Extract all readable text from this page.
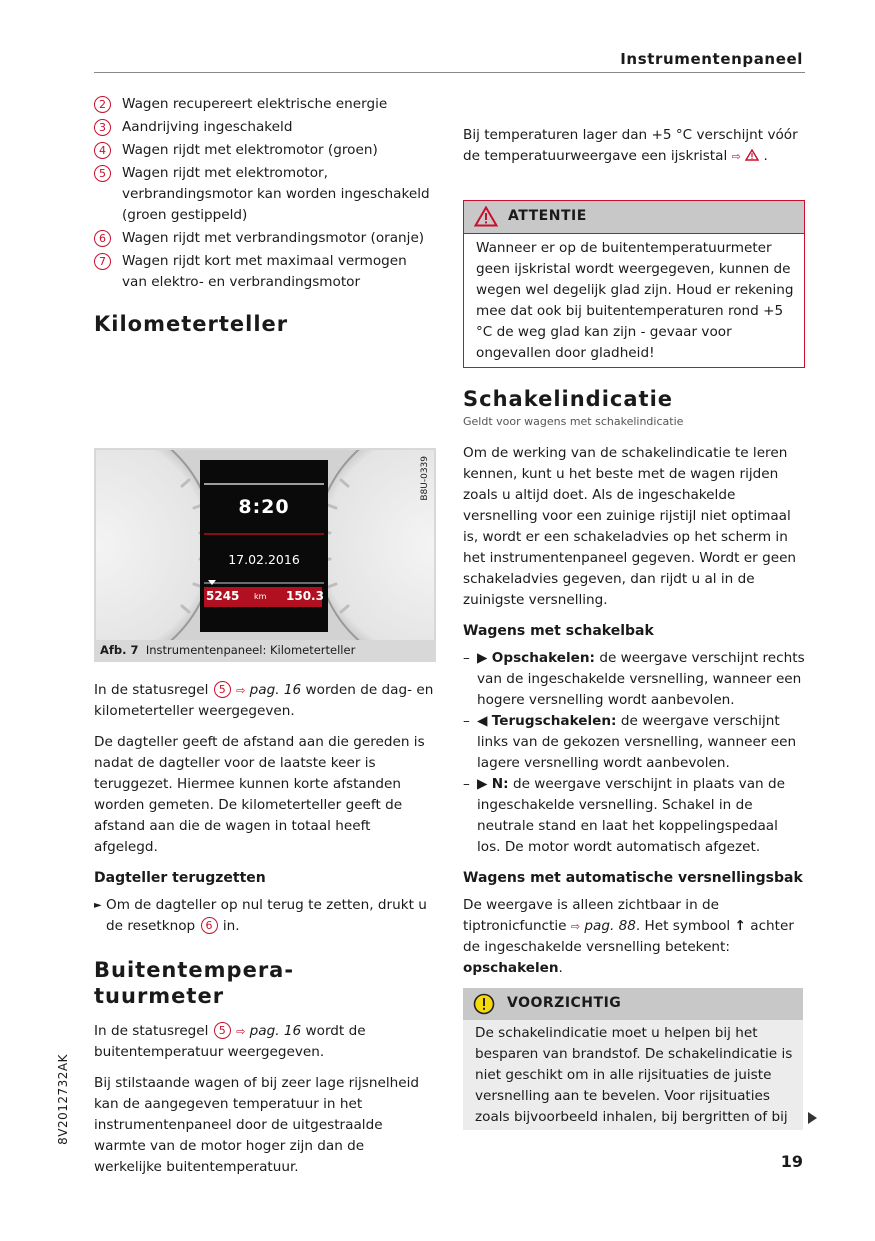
Instrumentenpaneel
2	Wagen recupereert elektrische energie
3	Aandrijving ingeschakeld
4	Wagen rijdt met elektromotor (groen)
5	Wagen rijdt met elektromotor, verbrandingsmotor kan worden ingeschakeld (groen gestippeld)
6	Wagen rijdt met verbrandingsmotor (oranje)
7	Wagen rijdt kort met maximaal vermogen van elektro- en verbrandingsmotor
Kilometerteller
8:20
17.02.2016
5245 km 150.3
B8U-0339
Afb. 7 Instrumentenpaneel: Kilometerteller

In de statusregel 5 ⇨ pag. 16 worden de dag- en kilometerteller weergegeven.

De dagteller geeft de afstand aan die gereden is nadat de dagteller voor de laatste keer is teruggezet. Hiermee kunnen korte afstanden worden gemeten. De kilometerteller geeft de afstand aan die de wagen in totaal heeft afgelegd.

Dagteller terugzetten

► Om de dagteller op nul terug te zetten, drukt u de resetknop 6 in.

Buitentempera-
tuurmeter

In de statusregel 5 ⇨ pag. 16 wordt de buitentemperatuur weergegeven.

Bij stilstaande wagen of bij zeer lage rijsnelheid kan de aangegeven temperatuur in het instrumentenpaneel door de uitgestraalde warmte van de motor hoger zijn dan de werkelijke buitentemperatuur.

Bij temperaturen lager dan +5 °C verschijnt vóór de temperatuurweergave een ijskristal ⇨ .

ATTENTIE
Wanneer er op de buitentemperatuurmeter geen ijskristal wordt weergegeven, kunnen de wegen wel degelijk glad zijn. Houd er rekening mee dat ook bij buitentemperaturen rond +5 °C de weg glad kan zijn - gevaar voor ongevallen door gladheid!
Schakelindicatie
Geldt voor wagens met schakelindicatie

Om de werking van de schakelindicatie te leren kennen, kunt u het beste met de wagen rijden zoals u altijd doet. Als de ingeschakelde versnelling voor een zuinige rijstijl niet optimaal is, wordt er een schakeladvies op het scherm in het instrumentenpaneel gegeven. Wordt er geen schakeladvies gegeven, dan rijdt u al in de zuinigste versnelling.

Wagens met schakelbak
– ▶ Opschakelen: de weergave verschijnt rechts van de ingeschakelde versnelling, wanneer een hogere versnelling wordt aanbevolen.
– ◀ Terugschakelen: de weergave verschijnt links van de gekozen versnelling, wanneer een lagere versnelling wordt aanbevolen.
– ▶ N: de weergave verschijnt in plaats van de ingeschakelde versnelling. Schakel in de neutrale stand en laat het koppelingspedaal los. De motor wordt automatisch afgezet.
Wagens met automatische versnellingsbak

De weergave is alleen zichtbaar in de tiptronicfunctie ⇨ pag. 88. Het symbool ↑ achter de ingeschakelde versnelling betekent: opschakelen.

VOORZICHTIG
De schakelindicatie moet u helpen bij het besparen van brandstof. De schakelindicatie is niet geschikt om in alle rijsituaties de juiste versnelling aan te bevelen. Voor rijsituaties zoals bijvoorbeeld inhalen, bij bergritten of bij
8V2012732AK
19
